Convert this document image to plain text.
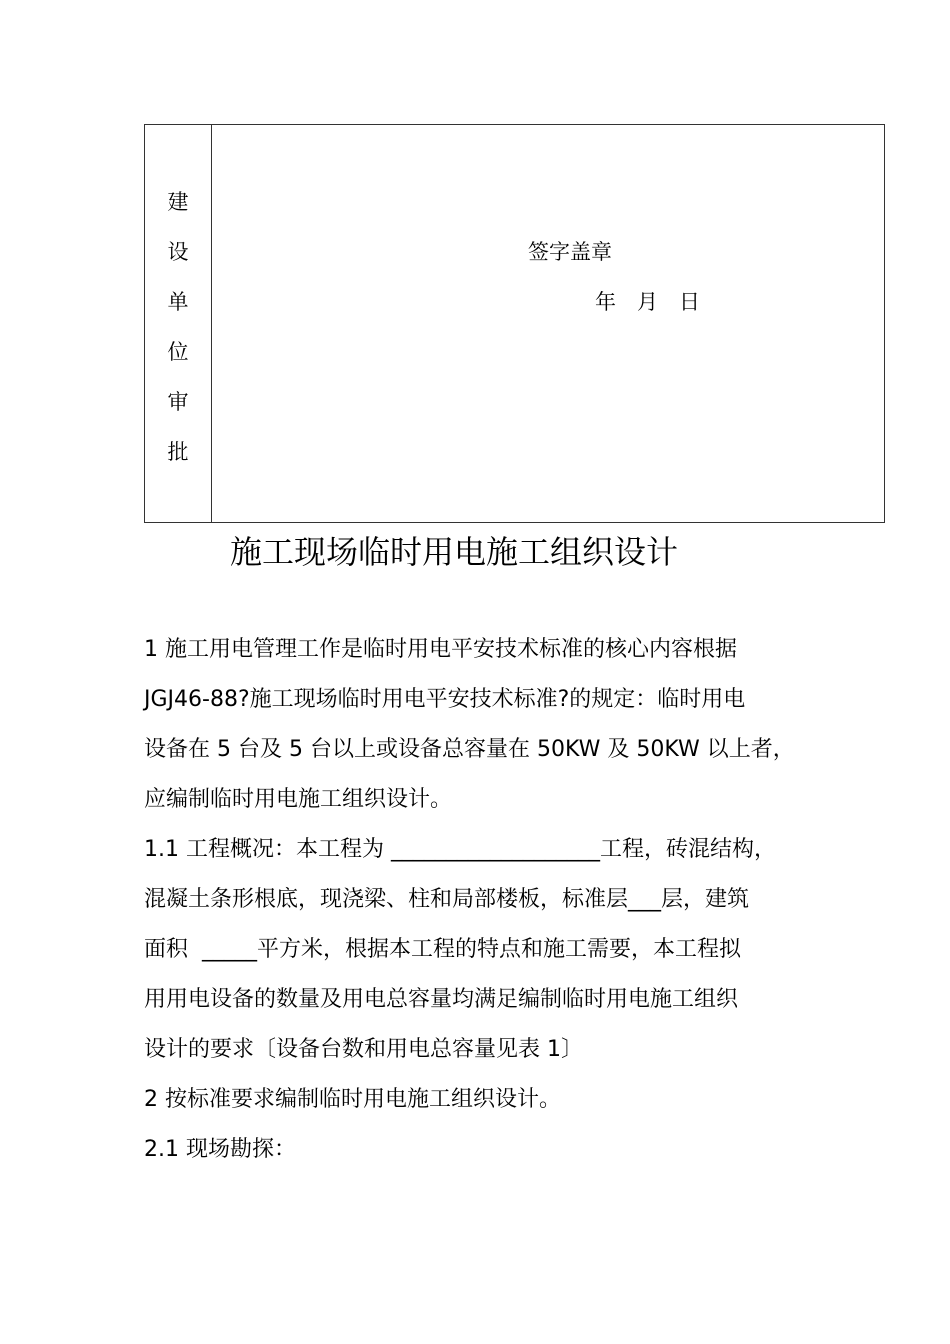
建
设
单
位
审
批
签字盖章
年　月　日
施工现场临时用电施工组织设计
1 施工用电管理工作是临时用电平安技术标准的核心内容根据
JGJ46-88?施工现场临时用电平安技术标准?的规定：临时用电
设备在 5 台及 5 台以上或设备总容量在 50KW 及 50KW 以上者，
应编制临时用电施工组织设计。
1.1 工程概况：本工程为 ___________________工程，砖混结构，
混凝土条形根底，现浇梁、柱和局部楼板，标准层___层，建筑
面积  _____平方米，根据本工程的特点和施工需要，本工程拟
用用电设备的数量及用电总容量均满足编制临时用电施工组织
设计的要求〔设备台数和用电总容量见表 1〕
2 按标准要求编制临时用电施工组织设计。
2.1 现场勘探：
